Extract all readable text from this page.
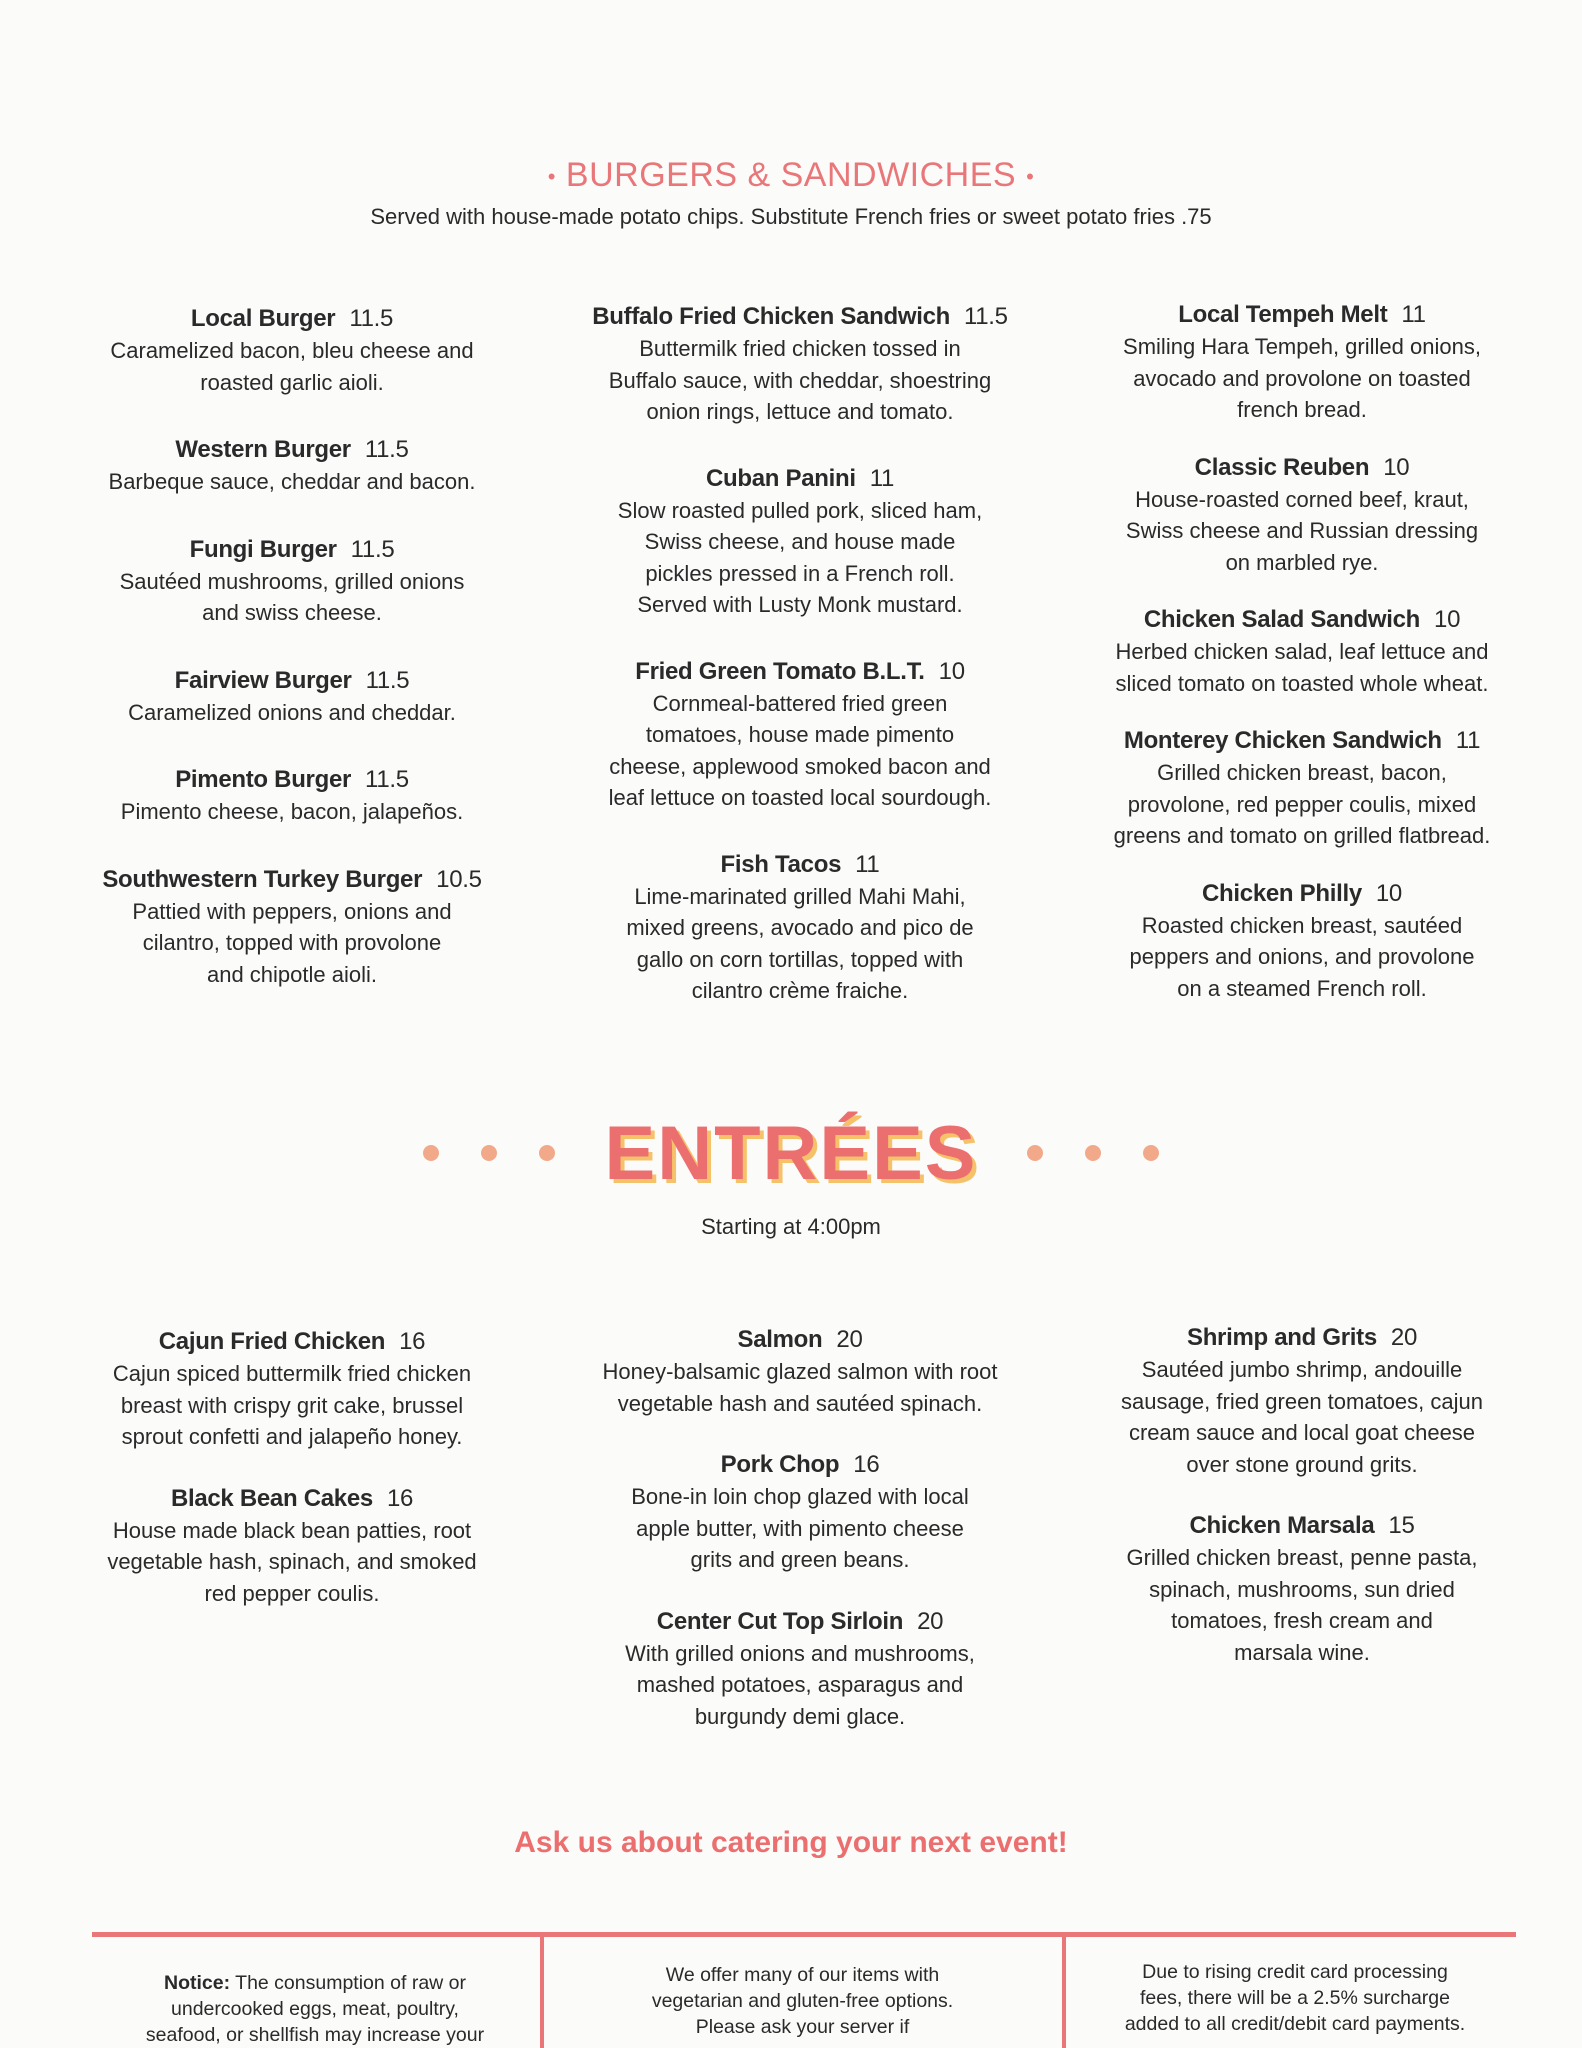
• BURGERS & SANDWICHES •
Served with house-made potato chips. Substitute French fries or sweet potato fries .75
Local Burger 11.5
Caramelized bacon, bleu cheese and
roasted garlic aioli.
Western Burger 11.5
Barbeque sauce, cheddar and bacon.
Fungi Burger 11.5
Sautéed mushrooms, grilled onions
and swiss cheese.
Fairview Burger 11.5
Caramelized onions and cheddar.
Pimento Burger 11.5
Pimento cheese, bacon, jalapeños.
Southwestern Turkey Burger 10.5
Pattied with peppers, onions and
cilantro, topped with provolone
and chipotle aioli.
Buffalo Fried Chicken Sandwich 11.5
Buttermilk fried chicken tossed in
Buffalo sauce, with cheddar, shoestring
onion rings, lettuce and tomato.
Cuban Panini 11
Slow roasted pulled pork, sliced ham,
Swiss cheese, and house made
pickles pressed in a French roll.
Served with Lusty Monk mustard.
Fried Green Tomato B.L.T. 10
Cornmeal-battered fried green
tomatoes, house made pimento
cheese, applewood smoked bacon and
leaf lettuce on toasted local sourdough.
Fish Tacos 11
Lime-marinated grilled Mahi Mahi,
mixed greens, avocado and pico de
gallo on corn tortillas, topped with
cilantro crème fraiche.
Local Tempeh Melt 11
Smiling Hara Tempeh, grilled onions,
avocado and provolone on toasted
french bread.
Classic Reuben 10
House-roasted corned beef, kraut,
Swiss cheese and Russian dressing
on marbled rye.
Chicken Salad Sandwich 10
Herbed chicken salad, leaf lettuce and
sliced tomato on toasted whole wheat.
Monterey Chicken Sandwich 11
Grilled chicken breast, bacon,
provolone, red pepper coulis, mixed
greens and tomato on grilled flatbread.
Chicken Philly 10
Roasted chicken breast, sautéed
peppers and onions, and provolone
on a steamed French roll.
ENTRÉES
Starting at 4:00pm
Cajun Fried Chicken 16
Cajun spiced buttermilk fried chicken
breast with crispy grit cake, brussel
sprout confetti and jalapeño honey.
Black Bean Cakes 16
House made black bean patties, root
vegetable hash, spinach, and smoked
red pepper coulis.
Salmon 20
Honey-balsamic glazed salmon with root
vegetable hash and sautéed spinach.
Pork Chop 16
Bone-in loin chop glazed with local
apple butter, with pimento cheese
grits and green beans.
Center Cut Top Sirloin 20
With grilled onions and mushrooms,
mashed potatoes, asparagus and
burgundy demi glace.
Shrimp and Grits 20
Sautéed jumbo shrimp, andouille
sausage, fried green tomatoes, cajun
cream sauce and local goat cheese
over stone ground grits.
Chicken Marsala 15
Grilled chicken breast, penne pasta,
spinach, mushrooms, sun dried
tomatoes, fresh cream and
marsala wine.
Ask us about catering your next event!
Notice: The consumption of raw or
undercooked eggs, meat, poultry,
seafood, or shellfish may increase your
We offer many of our items with
vegetarian and gluten-free options.
Please ask your server if
Due to rising credit card processing
fees, there will be a 2.5% surcharge
added to all credit/debit card payments.
